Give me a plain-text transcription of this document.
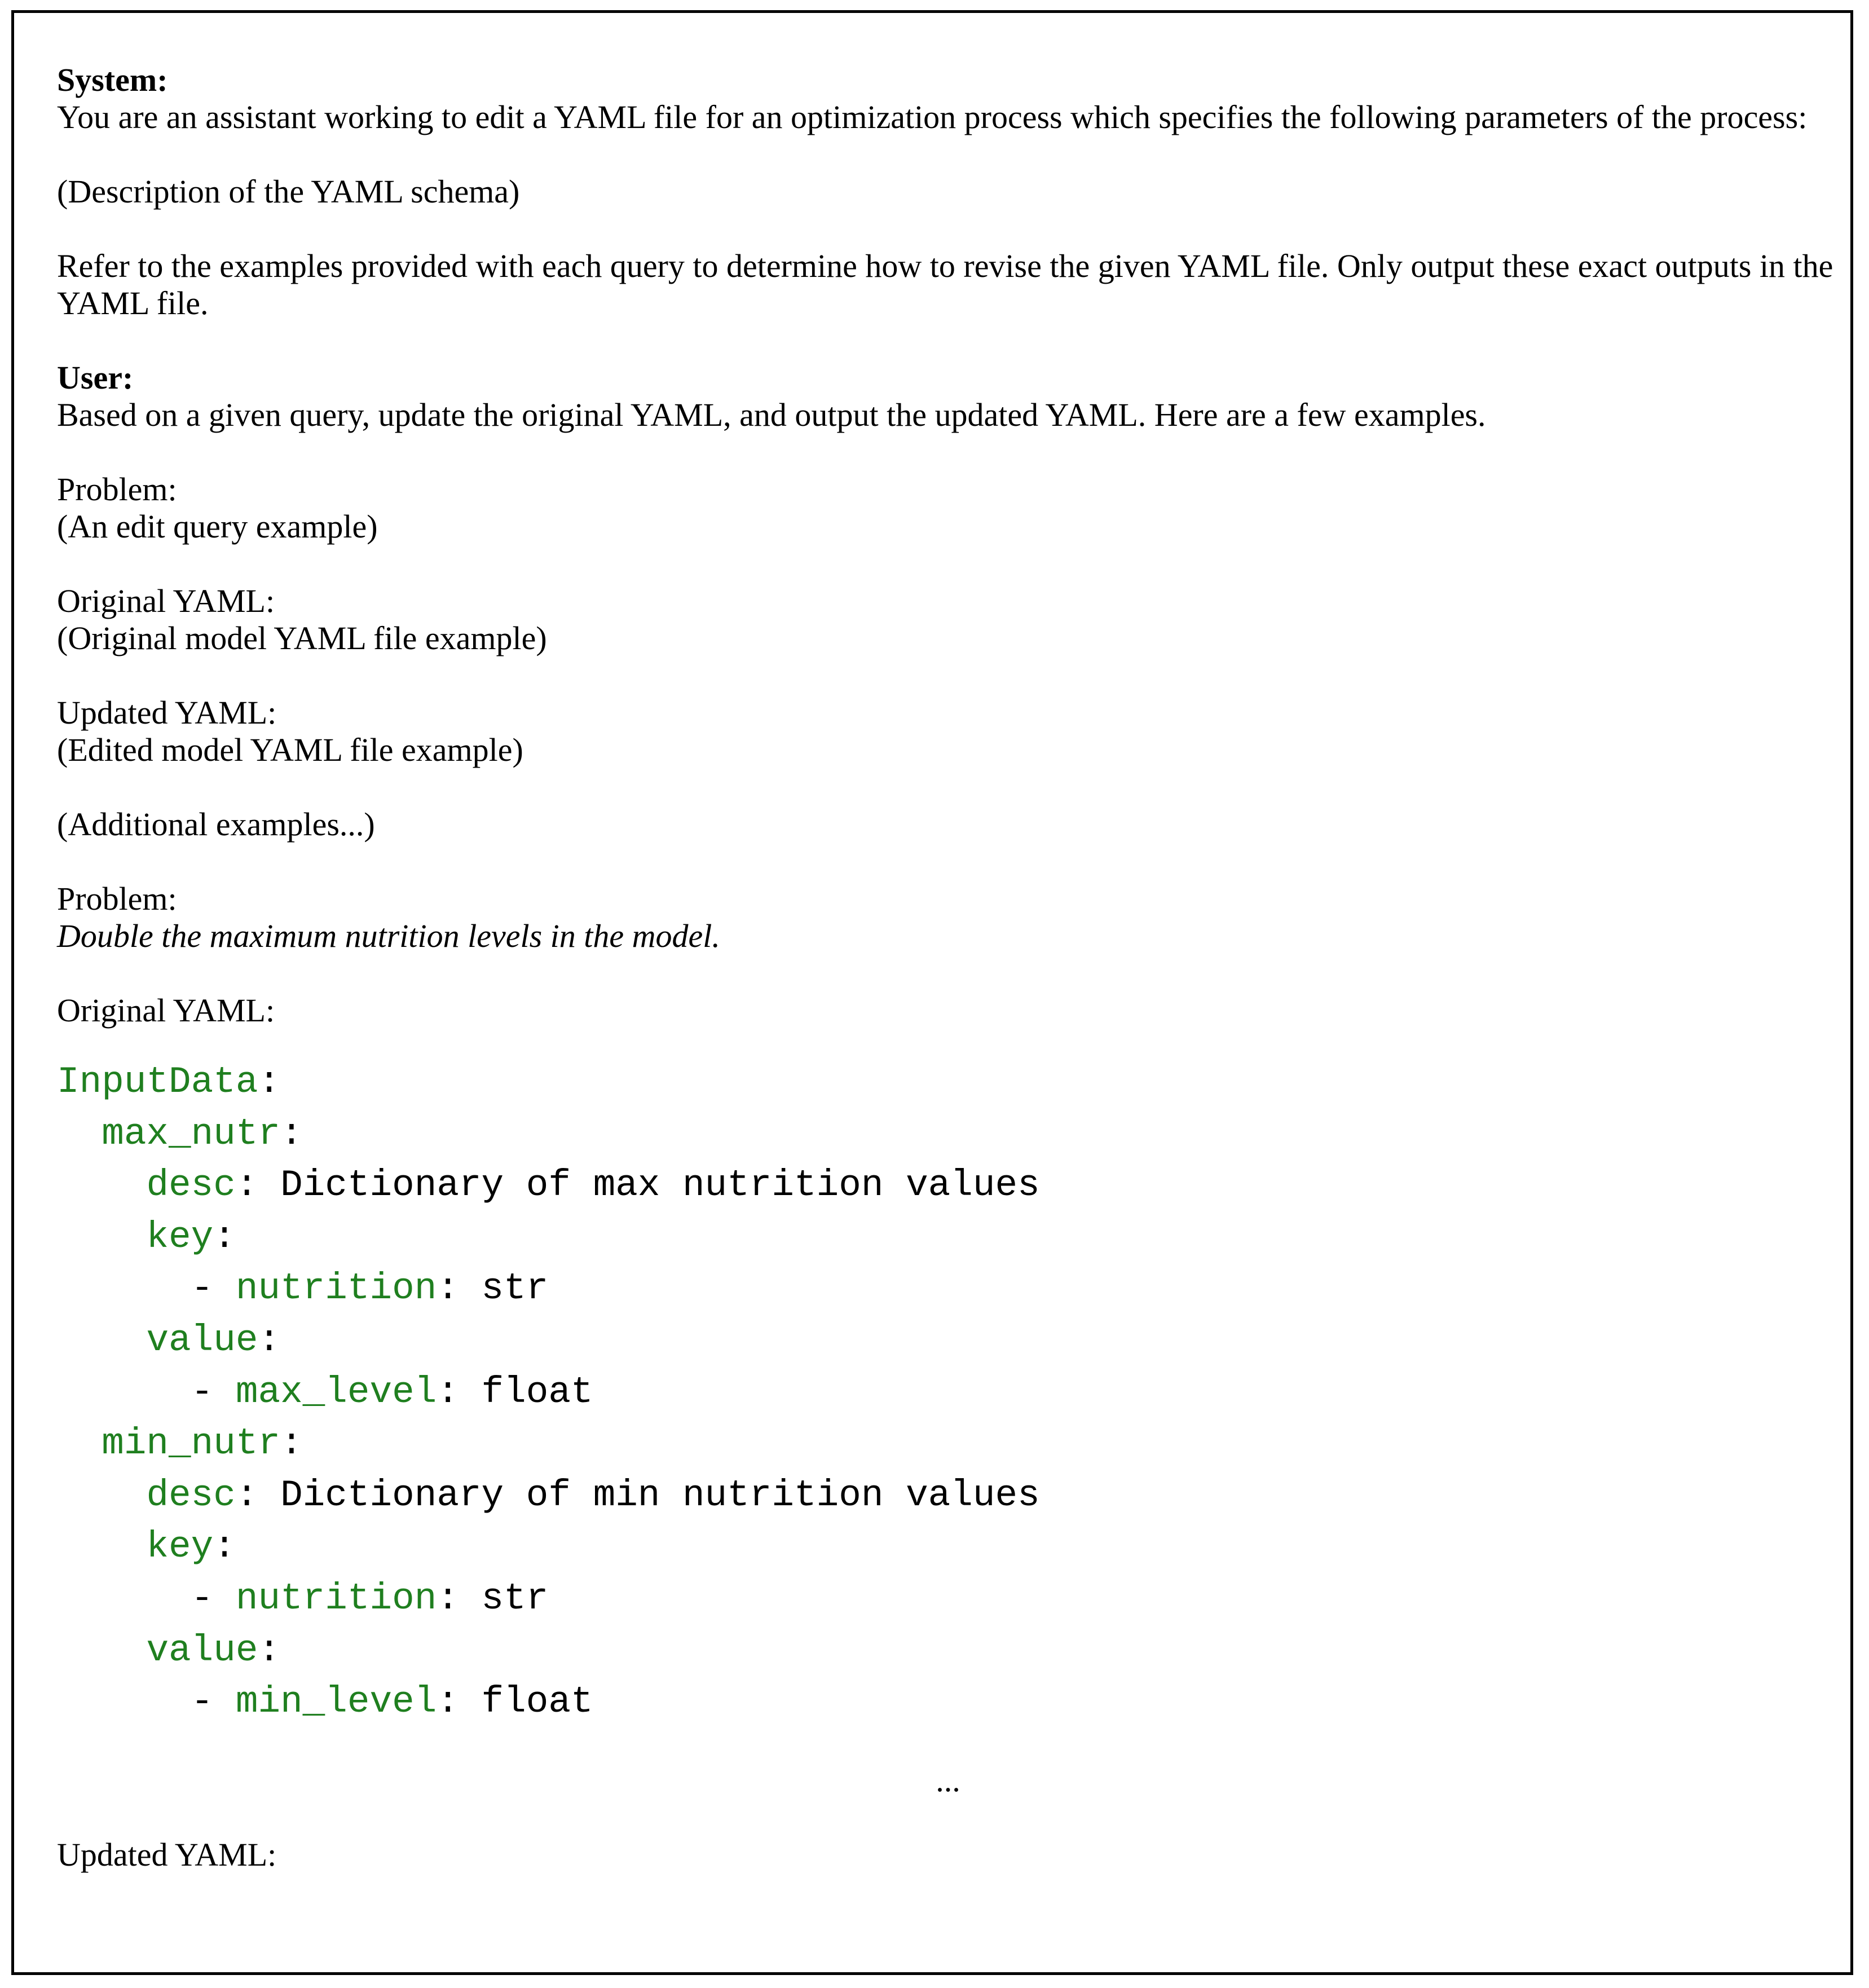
System:
You are an assistant working to edit a YAML file for an optimization process which specifies the following parameters of the process:
(Description of the YAML schema)
Refer to the examples provided with each query to determine how to revise the given YAML file. Only output these exact outputs in the YAML file.
User:
Based on a given query, update the original YAML, and output the updated YAML. Here are a few examples.
Problem:
(An edit query example)
Original YAML:
(Original model YAML file example)
Updated YAML:
(Edited model YAML file example)
(Additional examples...)
Problem:
Double the maximum nutrition levels in the model.
Original YAML:
InputData:
max_nutr:
desc: Dictionary of max nutrition values
key:
- nutrition: str
value:
- max_level: float
min_nutr:
desc: Dictionary of min nutrition values
key:
- nutrition: str
value:
- min_level: float
...
Updated YAML:
